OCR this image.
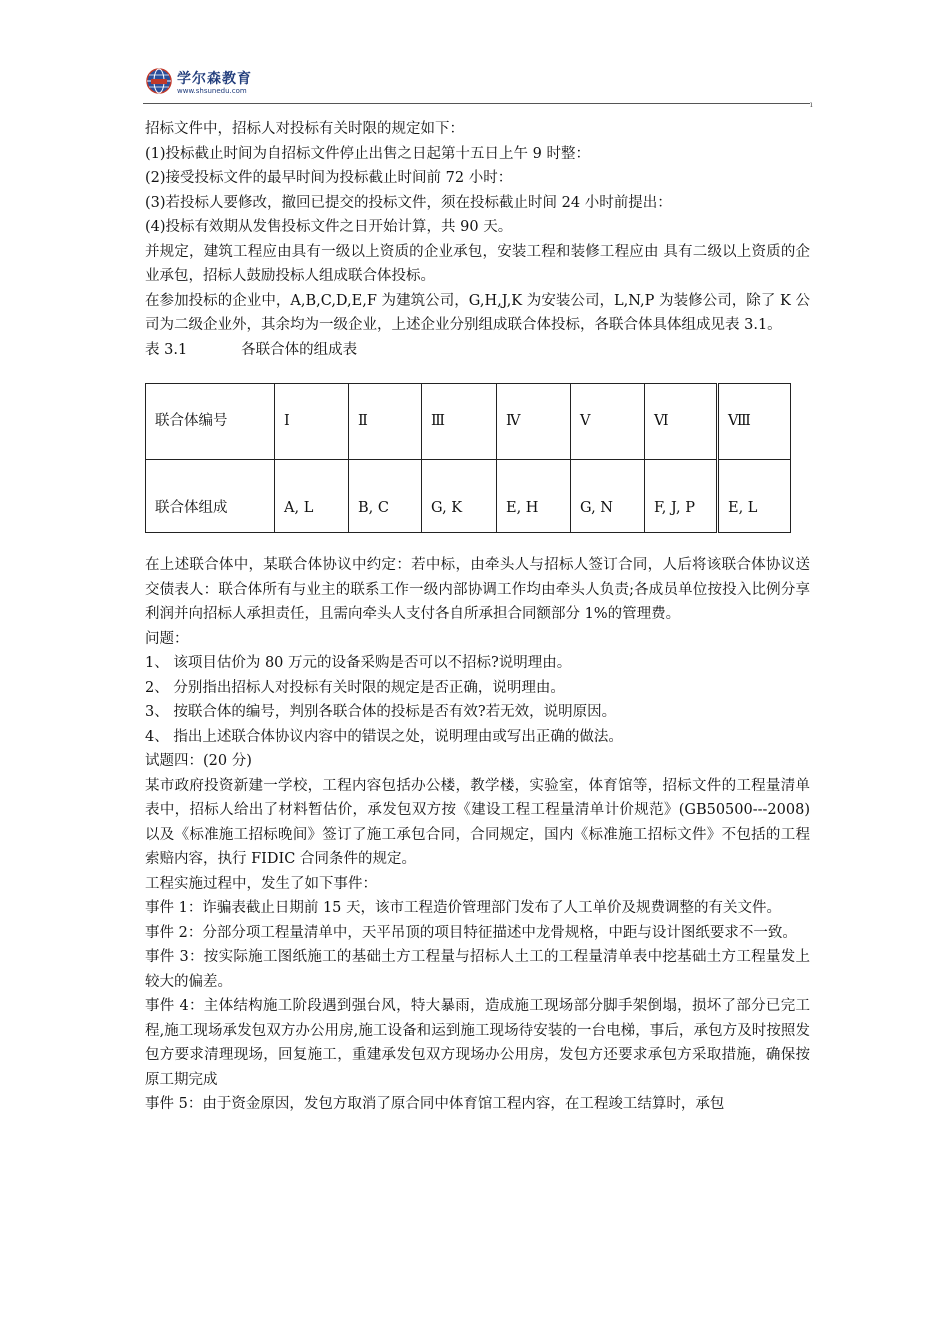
学尔森教育
www.shsunedu.com
ı

招标文件中，招标人对投标有关时限的规定如下：

(1)投标截止时间为自招标文件停止出售之日起第十五日上午 9 时整：

(2)接受投标文件的最早时间为投标截止时间前 72 小时：

(3)若投标人要修改，撤回已提交的投标文件，须在投标截止时间 24 小时前提出：

(4)投标有效期从发售投标文件之日开始计算，共 90 天。

并规定，建筑工程应由具有一级以上资质的企业承包，安装工程和装修工程应由 具有二级以上资质的企业承包，招标人鼓励投标人组成联合体投标。

在参加投标的企业中，A,B,C,D,E,F 为建筑公司，G,H,J,K 为安装公司，L,N,P 为装修公司，除了 K 公司为二级企业外，其余均为一级企业，上述企业分别组成联合体投标，各联合体具体组成见表 3.1。

表 3.1	各联合体的组成表

联合体编号	Ⅰ	Ⅱ	Ⅲ	Ⅳ	Ⅴ	Ⅵ	Ⅷ
联合体组成	A, L	B, C	G, K	E, H	G, N	F, J, P	E, L

在上述联合体中，某联合体协议中约定：若中标，由牵头人与招标人签订合同，人后将该联合体协议送交债表人：联合体所有与业主的联系工作一级内部协调工作均由牵头人负责;各成员单位按投入比例分享利润并向招标人承担责任，且需向牵头人支付各自所承担合同额部分 1%的管理费。

问题：

1、 该项目估价为 80 万元的设备采购是否可以不招标?说明理由。

2、 分别指出招标人对投标有关时限的规定是否正确，说明理由。

3、 按联合体的编号，判别各联合体的投标是否有效?若无效，说明原因。

4、 指出上述联合体协议内容中的错误之处，说明理由或写出正确的做法。

试题四：(20 分)

某市政府投资新建一学校，工程内容包括办公楼，教学楼，实验室，体育馆等，招标文件的工程量清单表中，招标人给出了材料暂估价，承发包双方按《建设工程工程量清单计价规范》(GB50500---2008)以及《标准施工招标晚间》签订了施工承包合同，合同规定，国内《标准施工招标文件》不包括的工程索赔内容，执行 FIDIC 合同条件的规定。

工程实施过程中，发生了如下事件：

事件 1：诈骗表截止日期前 15 天，该市工程造价管理部门发布了人工单价及规费调整的有关文件。

事件 2：分部分项工程量清单中，天平吊顶的项目特征描述中龙骨规格，中距与设计图纸要求不一致。

事件 3：按实际施工图纸施工的基础土方工程量与招标人土工的工程量清单表中挖基础土方工程量发上较大的偏差。

事件 4：主体结构施工阶段遇到强台风，特大暴雨，造成施工现场部分脚手架倒塌，损坏了部分已完工程,施工现场承发包双方办公用房,施工设备和运到施工现场待安装的一台电梯，事后，承包方及时按照发包方要求清理现场，回复施工，重建承发包双方现场办公用房，发包方还要求承包方采取措施，确保按原工期完成

事件 5：由于资金原因，发包方取消了原合同中体育馆工程内容，在工程竣工结算时，承包
